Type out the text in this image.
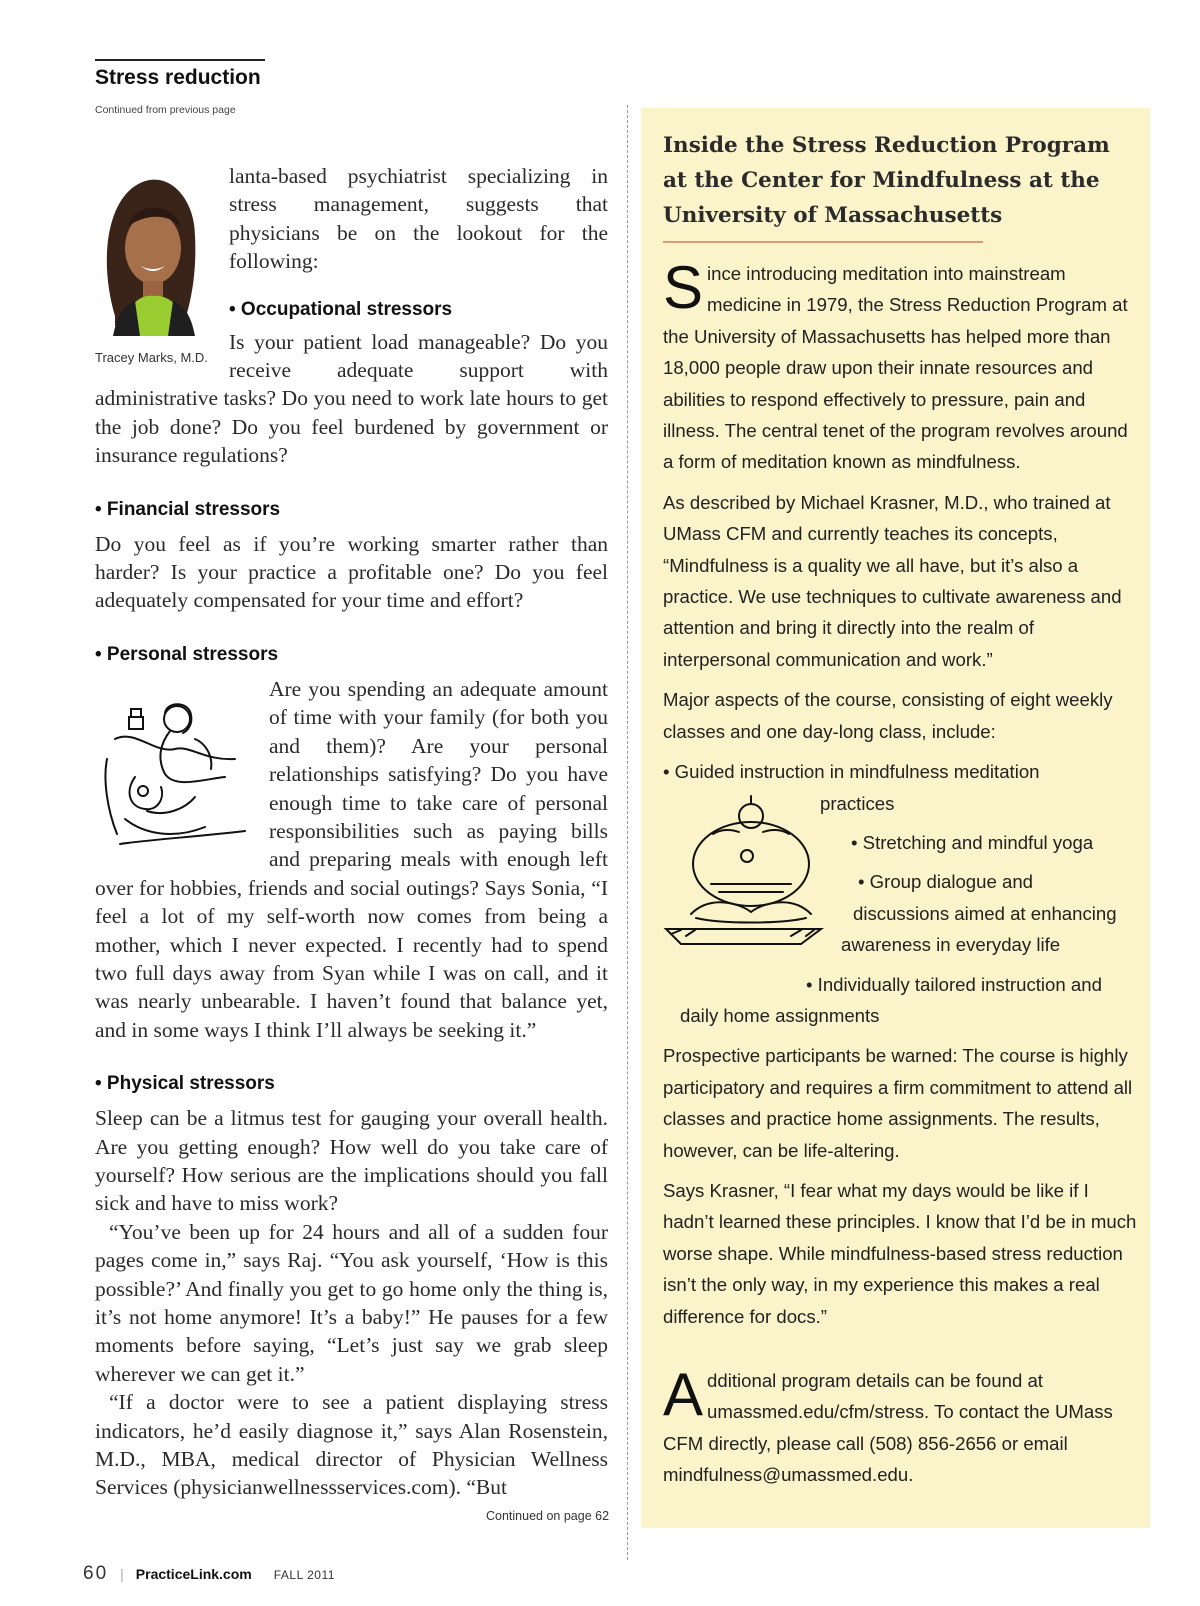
Stress reduction
Continued from previous page
Tracey Marks, M.D.

lanta-based psychiatrist specializing in stress management, suggests that physicians be on the lookout for the following:

• Occupational stressors

Is your patient load manageable? Do you receive adequate support with administrative tasks? Do you need to work late hours to get the job done? Do you feel burdened by government or insurance regulations?

• Financial stressors

Do you feel as if you’re working smarter rather than harder? Is your practice a profitable one? Do you feel adequately compensated for your time and effort?

• Personal stressors

Are you spending an adequate amount of time with your family (for both you and them)? Are your personal relationships satisfying? Do you have enough time to take care of personal responsibilities such as paying bills and preparing meals with enough left over for hobbies, friends and social outings? Says Sonia, “I feel a lot of my self-worth now comes from being a mother, which I never expected. I recently had to spend two full days away from Syan while I was on call, and it was nearly unbearable. I haven’t found that balance yet, and in some ways I think I’ll always be seeking it.”

• Physical stressors

Sleep can be a litmus test for gauging your overall health. Are you getting enough? How well do you take care of yourself? How serious are the implications should you fall sick and have to miss work?

“You’ve been up for 24 hours and all of a sudden four pages come in,” says Raj. “You ask yourself, ‘How is this possible?’ And finally you get to go home only the thing is, it’s not home anymore! It’s a baby!” He pauses for a few moments before saying, “Let’s just say we grab sleep wherever we can get it.”

“If a doctor were to see a patient displaying stress indicators, he’d easily diagnose it,” says Alan Rosenstein, M.D., MBA, medical director of Physician Wellness Services (physicianwellnessservices.com). “But

Continued on page 62
Inside the Stress Reduction Program at the Center for Mindfulness at the University of Massachusetts

Since introducing meditation into mainstream medicine in 1979, the Stress Reduction Program at the University of Massachusetts has helped more than 18,000 people draw upon their innate resources and abilities to respond effectively to pressure, pain and illness. The central tenet of the program revolves around a form of meditation known as mindfulness.

As described by Michael Krasner, M.D., who trained at UMass CFM and currently teaches its concepts, “Mindfulness is a quality we all have, but it’s also a practice. We use techniques to cultivate awareness and attention and bring it directly into the realm of interpersonal communication and work.”

Major aspects of the course, consisting of eight weekly classes and one day-long class, include:

• Guided instruction in mindfulness meditation
practices
• Stretching and mindful yoga
• Group dialogue and
discussions aimed at enhancing
awareness in everyday life
• Individually tailored instruction and
daily home assignments

Prospective participants be warned: The course is highly participatory and requires a firm commitment to attend all classes and practice home assignments. The results, however, can be life-altering.

Says Krasner, “I fear what my days would be like if I hadn’t learned these principles. I know that I’d be in much worse shape. While mindfulness-based stress reduction isn’t the only way, in my experience this makes a real difference for docs.”

Additional program details can be found at umassmed.edu/cfm/stress. To contact the UMass CFM directly, please call (508) 856-2656 or email mindfulness@umassmed.edu.

60 | PracticeLink.com FALL 2011
